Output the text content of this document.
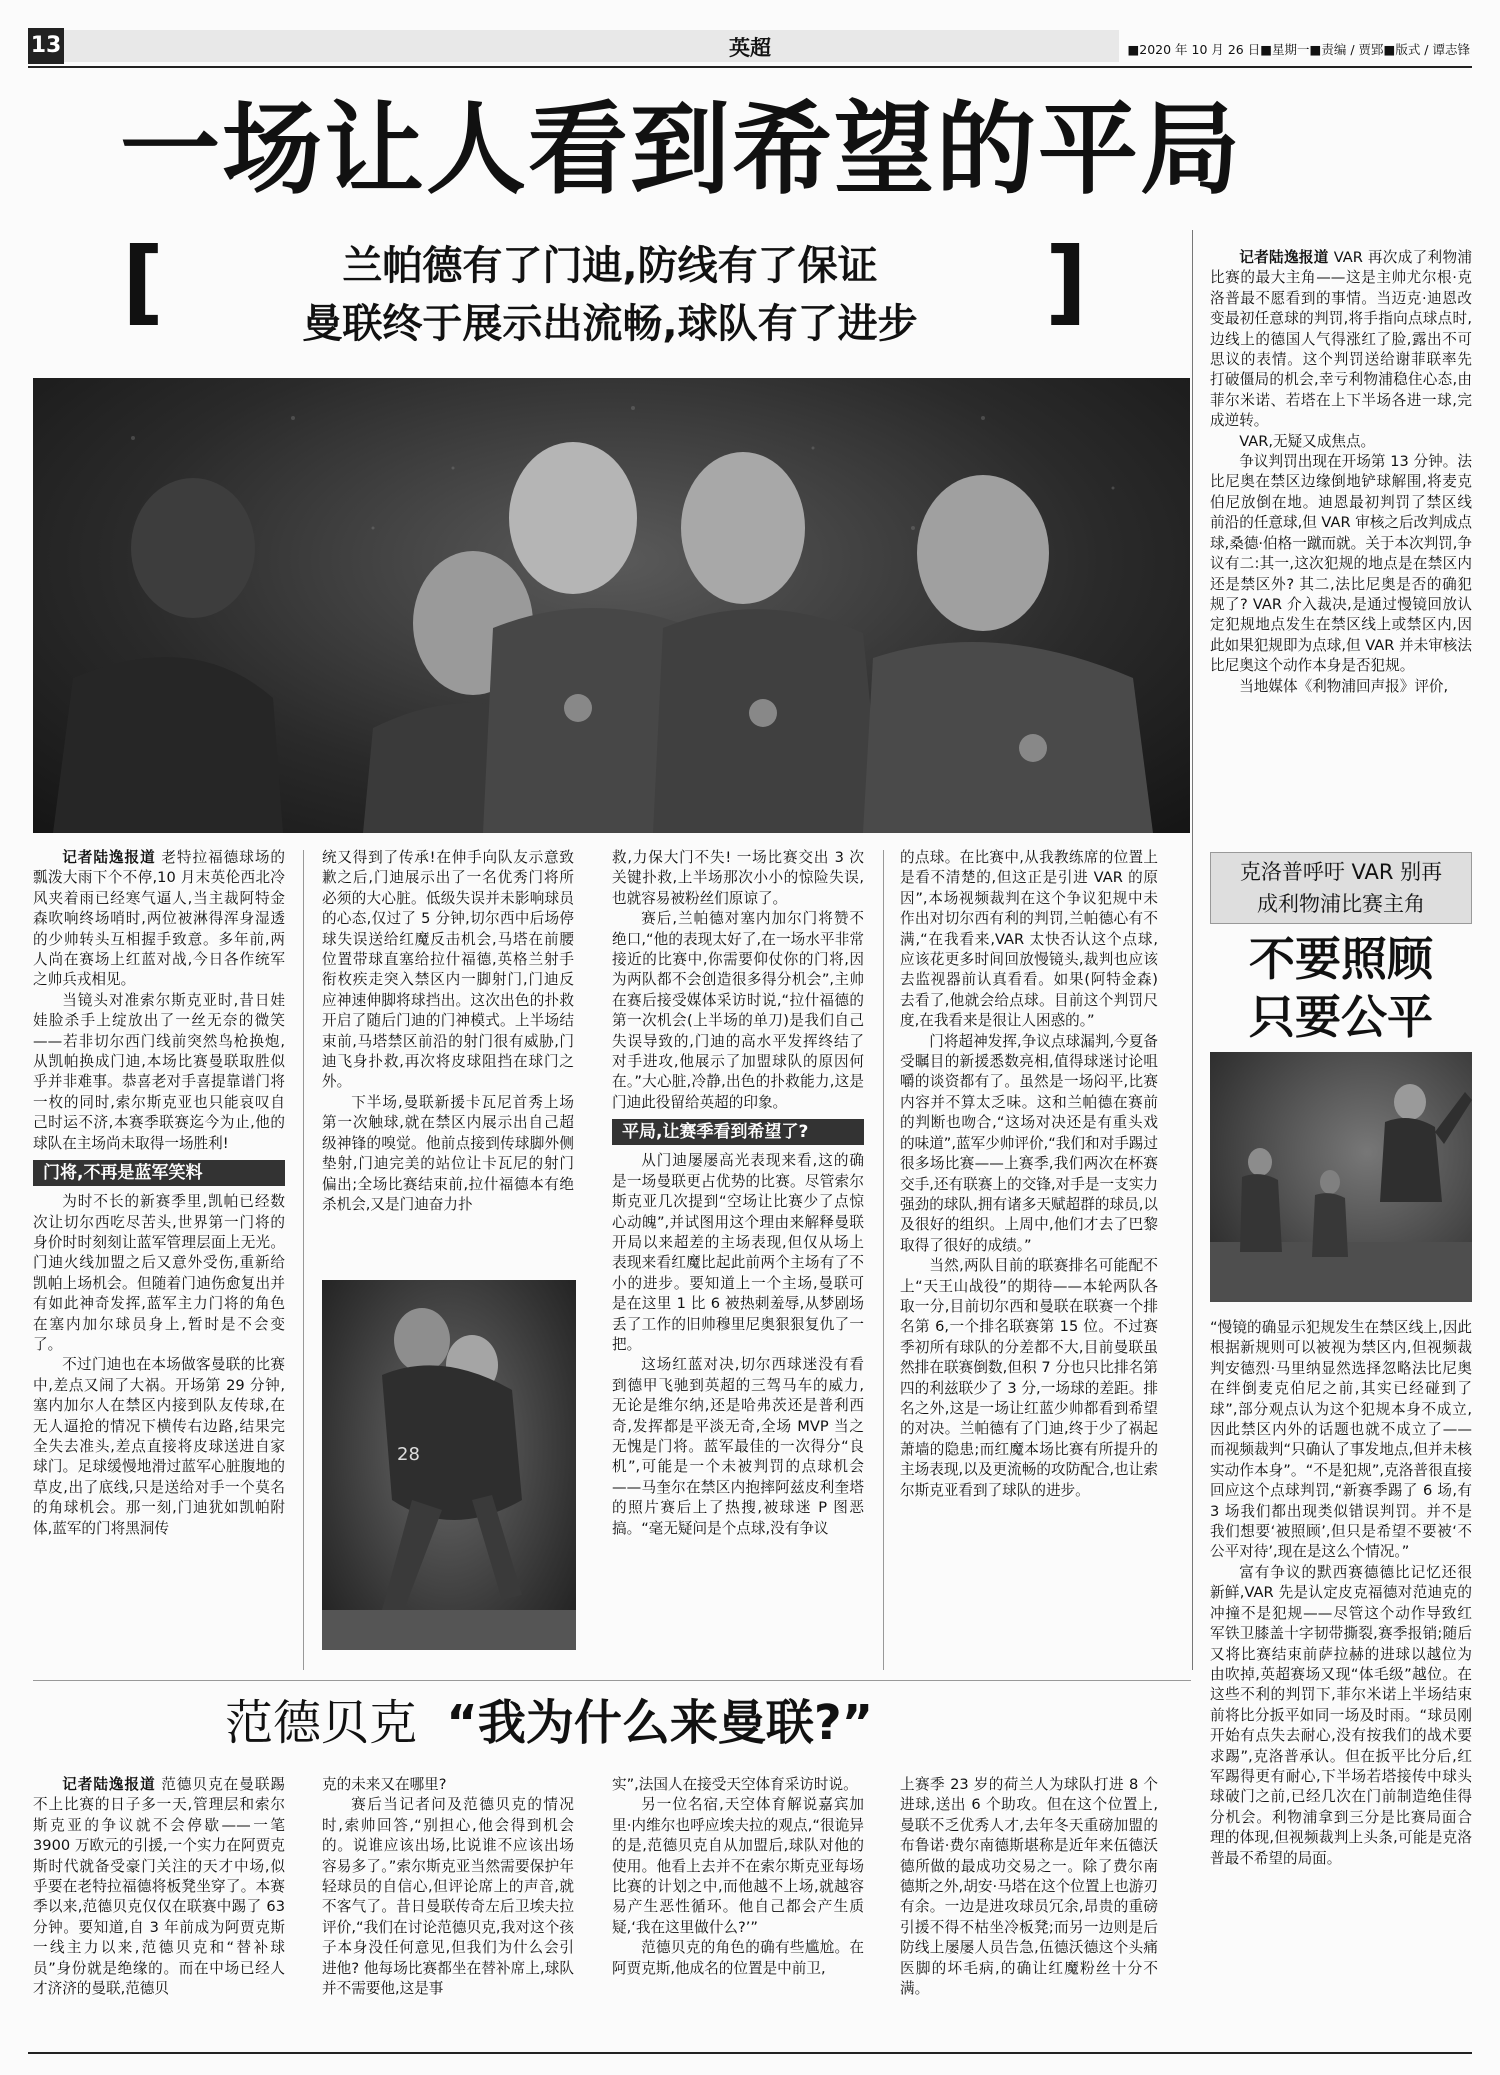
13	英超	■2020 年 10 月 26 日■星期一■责编 / 贾郢■版式 / 谭志锋
一场让人看到希望的平局
[	]
兰帕德有了门迪,防线有了保证
曼联终于展示出流畅,球队有了进步

记者陆逸报道 老特拉福德球场的瓢泼大雨下个不停,10 月末英伦西北冷风夹着雨已经寒气逼人,当主裁阿特金森吹响终场哨时,两位被淋得浑身湿透的少帅转头互相握手致意。多年前,两人尚在赛场上红蓝对战,今日各作统军之帅兵戎相见。

当镜头对准索尔斯克亚时,昔日娃娃脸杀手上绽放出了一丝无奈的微笑——若非切尔西门线前突然鸟枪换炮,从凯帕换成门迪,本场比赛曼联取胜似乎并非难事。恭喜老对手喜提靠谱门将一枚的同时,索尔斯克亚也只能哀叹自己时运不济,本赛季联赛迄今为止,他的球队在主场尚未取得一场胜利!

门将,不再是蓝军笑料

为时不长的新赛季里,凯帕已经数次让切尔西吃尽苦头,世界第一门将的身价时时刻刻让蓝军管理层面上无光。门迪火线加盟之后又意外受伤,重新给凯帕上场机会。但随着门迪伤愈复出并有如此神奇发挥,蓝军主力门将的角色在塞内加尔球员身上,暂时是不会变了。

不过门迪也在本场做客曼联的比赛中,差点又闹了大祸。开场第 29 分钟,塞内加尔人在禁区内接到队友传球,在无人逼抢的情况下横传右边路,结果完全失去准头,差点直接将皮球送进自家球门。足球缓慢地滑过蓝军心脏腹地的草皮,出了底线,只是送给对手一个莫名的角球机会。那一刻,门迪犹如凯帕附体,蓝军的门将黑洞传

统又得到了传承!在伸手向队友示意致歉之后,门迪展示出了一名优秀门将所必须的大心脏。低级失误并未影响球员的心态,仅过了 5 分钟,切尔西中后场停球失误送给红魔反击机会,马塔在前腰位置带球直塞给拉什福德,英格兰射手衔枚疾走突入禁区内一脚射门,门迪反应神速伸脚将球挡出。这次出色的扑救开启了随后门迪的门神模式。上半场结束前,马塔禁区前沿的射门很有威胁,门迪飞身扑救,再次将皮球阻挡在球门之外。

下半场,曼联新援卡瓦尼首秀上场第一次触球,就在禁区内展示出自己超级神锋的嗅觉。他前点接到传球脚外侧垫射,门迪完美的站位让卡瓦尼的射门偏出;全场比赛结束前,拉什福德本有绝杀机会,又是门迪奋力扑

28

救,力保大门不失! 一场比赛交出 3 次关键扑救,上半场那次小小的惊险失误,也就容易被粉丝们原谅了。

赛后,兰帕德对塞内加尔门将赞不绝口,“他的表现太好了,在一场水平非常接近的比赛中,你需要仰仗你的门将,因为两队都不会创造很多得分机会”,主帅在赛后接受媒体采访时说,“拉什福德的第一次机会(上半场的单刀)是我们自己失误导致的,门迪的高水平发挥终结了对手进攻,他展示了加盟球队的原因何在。”大心脏,冷静,出色的扑救能力,这是门迪此役留给英超的印象。

平局,让赛季看到希望了?

从门迪屡屡高光表现来看,这的确是一场曼联更占优势的比赛。尽管索尔斯克亚几次提到“空场让比赛少了点惊心动魄”,并试图用这个理由来解释曼联开局以来超差的主场表现,但仅从场上表现来看红魔比起此前两个主场有了不小的进步。要知道上一个主场,曼联可是在这里 1 比 6 被热刺羞辱,从梦剧场丢了工作的旧帅穆里尼奥狠狠复仇了一把。

这场红蓝对决,切尔西球迷没有看到德甲飞驰到英超的三驾马车的威力,无论是维尔纳,还是哈弗茨还是普利西奇,发挥都是平淡无奇,全场 MVP 当之无愧是门将。蓝军最佳的一次得分“良机”,可能是一个未被判罚的点球机会——马奎尔在禁区内抱摔阿兹皮利奎塔的照片赛后上了热搜,被球迷 P 图恶搞。“毫无疑问是个点球,没有争议

的点球。在比赛中,从我教练席的位置上是看不清楚的,但这正是引进 VAR 的原因”,本场视频裁判在这个争议犯规中未作出对切尔西有利的判罚,兰帕德心有不满,“在我看来,VAR 太快否认这个点球,应该花更多时间回放慢镜头,裁判也应该去监视器前认真看看。如果(阿特金森)去看了,他就会给点球。目前这个判罚尺度,在我看来是很让人困惑的。”

门将超神发挥,争议点球漏判,今夏备受瞩目的新援悉数亮相,值得球迷讨论咀嚼的谈资都有了。虽然是一场闷平,比赛内容并不算太乏味。这和兰帕德在赛前的判断也吻合,“这场对决还是有重头戏的味道”,蓝军少帅评价,“我们和对手踢过很多场比赛——上赛季,我们两次在杯赛交手,还有联赛上的交锋,对手是一支实力强劲的球队,拥有诸多天赋超群的球员,以及很好的组织。上周中,他们才去了巴黎取得了很好的成绩。”

当然,两队目前的联赛排名可能配不上“天王山战役”的期待——本轮两队各取一分,目前切尔西和曼联在联赛一个排名第 6,一个排名联赛第 15 位。不过赛季初所有球队的分差都不大,目前曼联虽然排在联赛倒数,但积 7 分也只比排名第四的利兹联少了 3 分,一场球的差距。排名之外,这是一场让红蓝少帅都看到希望的对决。兰帕德有了门迪,终于少了祸起萧墙的隐患;而红魔本场比赛有所提升的主场表现,以及更流畅的攻防配合,也让索尔斯克亚看到了球队的进步。

记者陆逸报道 VAR 再次成了利物浦比赛的最大主角——这是主帅尤尔根·克洛普最不愿看到的事情。当迈克·迪恩改变最初任意球的判罚,将手指向点球点时,边线上的德国人气得涨红了脸,露出不可思议的表情。这个判罚送给谢菲联率先打破僵局的机会,幸亏利物浦稳住心态,由菲尔米诺、若塔在上下半场各进一球,完成逆转。

VAR,无疑又成焦点。

争议判罚出现在开场第 13 分钟。法比尼奥在禁区边缘倒地铲球解围,将麦克伯尼放倒在地。迪恩最初判罚了禁区线前沿的任意球,但 VAR 审核之后改判成点球,桑德·伯格一蹴而就。关于本次判罚,争议有二:其一,这次犯规的地点是在禁区内还是禁区外? 其二,法比尼奥是否的确犯规了? VAR 介入裁决,是通过慢镜回放认定犯规地点发生在禁区线上或禁区内,因此如果犯规即为点球,但 VAR 并未审核法比尼奥这个动作本身是否犯规。

当地媒体《利物浦回声报》评价,

克洛普呼吁 VAR 别再
成利物浦比赛主角
不要照顾
只要公平

“慢镜的确显示犯规发生在禁区线上,因此根据新规则可以被视为禁区内,但视频裁判安德烈·马里纳显然选择忽略法比尼奥在绊倒麦克伯尼之前,其实已经碰到了球”,部分观点认为这个犯规本身不成立,因此禁区内外的话题也就不成立了——而视频裁判“只确认了事发地点,但并未核实动作本身”。“不是犯规”,克洛普很直接回应这个点球判罚,“新赛季踢了 6 场,有 3 场我们都出现类似错误判罚。并不是我们想要‘被照顾’,但只是希望不要被‘不公平对待’,现在是这么个情况。”

富有争议的默西赛德德比记忆还很新鲜,VAR 先是认定皮克福德对范迪克的冲撞不是犯规——尽管这个动作导致红军铁卫膝盖十字韧带撕裂,赛季报销;随后又将比赛结束前萨拉赫的进球以越位为由吹掉,英超赛场又现“体毛级”越位。在这些不利的判罚下,菲尔米诺上半场结束前将比分扳平如同一场及时雨。“球员刚开始有点失去耐心,没有按我们的战术要求踢”,克洛普承认。但在扳平比分后,红军踢得更有耐心,下半场若塔接传中球头球破门之前,已经几次在门前制造绝佳得分机会。利物浦拿到三分是比赛局面合理的体现,但视频裁判上头条,可能是克洛普最不希望的局面。

范德贝克 “我为什么来曼联?”

记者陆逸报道 范德贝克在曼联踢不上比赛的日子多一天,管理层和索尔斯克亚的争议就不会停歇——一笔 3900 万欧元的引援,一个实力在阿贾克斯时代就备受豪门关注的天才中场,似乎要在老特拉福德将板凳坐穿了。本赛季以来,范德贝克仅仅在联赛中踢了 63 分钟。要知道,自 3 年前成为阿贾克斯一线主力以来,范德贝克和“替补球员”身份就是绝缘的。而在中场已经人才济济的曼联,范德贝

克的未来又在哪里?

赛后当记者问及范德贝克的情况时,索帅回答,“别担心,他会得到机会的。说谁应该出场,比说谁不应该出场容易多了。”索尔斯克亚当然需要保护年轻球员的自信心,但评论席上的声音,就不客气了。昔日曼联传奇左后卫埃夫拉评价,“我们在讨论范德贝克,我对这个孩子本身没任何意见,但我们为什么会引进他? 他每场比赛都坐在替补席上,球队并不需要他,这是事

实”,法国人在接受天空体育采访时说。

另一位名宿,天空体育解说嘉宾加里·内维尔也呼应埃夫拉的观点,“很诡异的是,范德贝克自从加盟后,球队对他的使用。他看上去并不在索尔斯克亚每场比赛的计划之中,而他越不上场,就越容易产生恶性循环。他自己都会产生质疑,‘我在这里做什么?’”

范德贝克的角色的确有些尴尬。在阿贾克斯,他成名的位置是中前卫,

上赛季 23 岁的荷兰人为球队打进 8 个进球,送出 6 个助攻。但在这个位置上,曼联不乏优秀人才,去年冬天重磅加盟的布鲁诺·费尔南德斯堪称是近年来伍德沃德所做的最成功交易之一。除了费尔南德斯之外,胡安·马塔在这个位置上也游刃有余。一边是进攻球员冗余,昂贵的重磅引援不得不枯坐冷板凳;而另一边则是后防线上屡屡人员告急,伍德沃德这个头痛医脚的坏毛病,的确让红魔粉丝十分不满。
